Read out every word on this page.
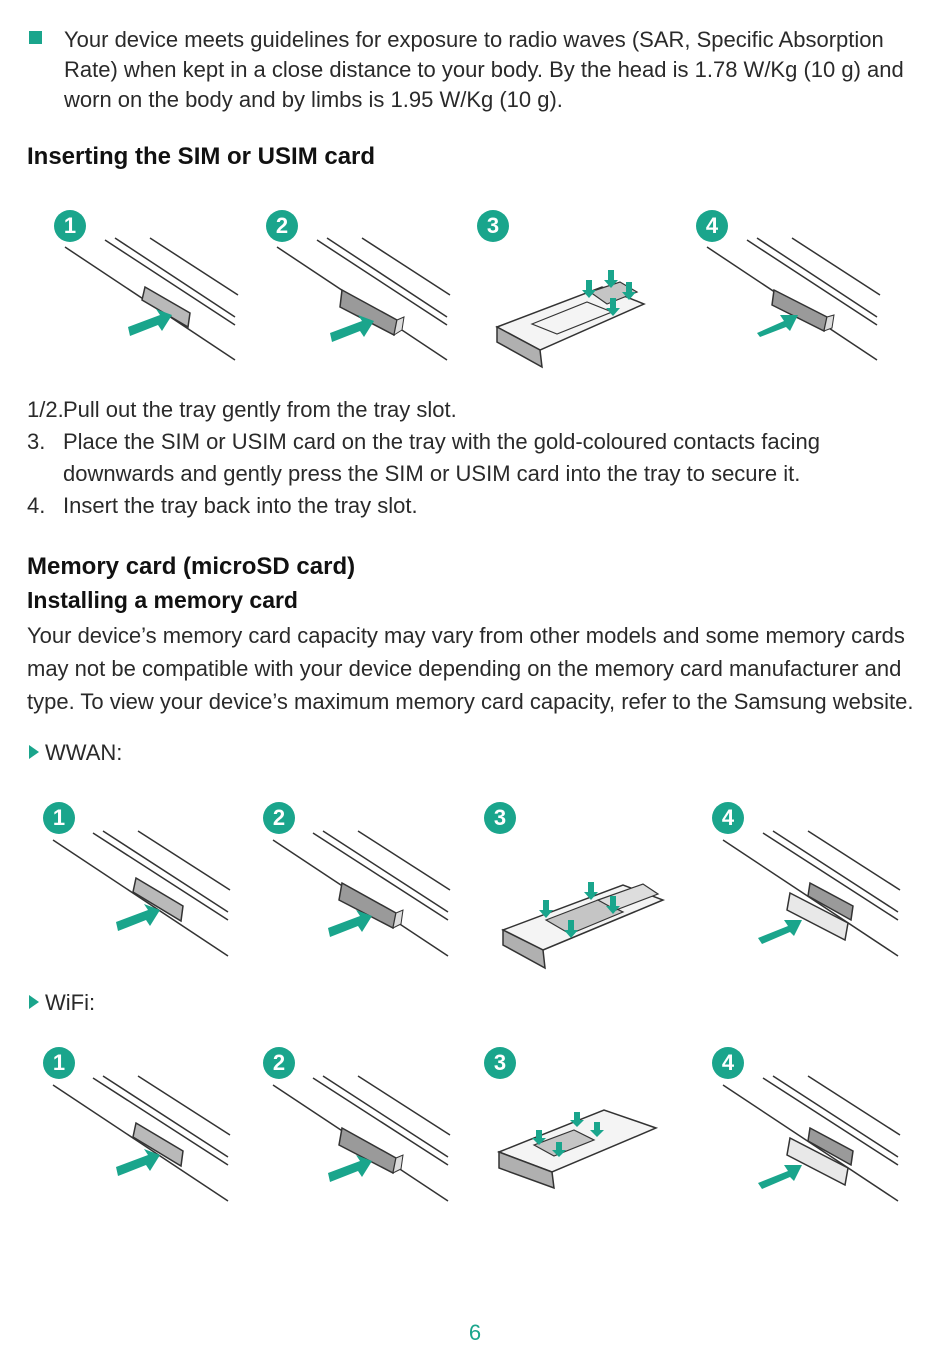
Your device meets guidelines for exposure to radio waves (SAR, Specific Absorption
Rate) when kept in a close distance to your body. By the head is 1.78 W/Kg (10 g) and
worn on the body and by limbs is 1.95 W/Kg (10 g).
Inserting the SIM or USIM card
1	2	3	4
1/2. Pull out the tray gently from the tray slot.
3. Place the SIM or USIM card on the tray with the gold-coloured contacts facing
downwards and gently press the SIM or USIM card into the tray to secure it.
4. Insert the tray back into the tray slot.
Memory card (microSD card)
Installing a memory card
Your device’s memory card capacity may vary from other models and some memory cards
may not be compatible with your device depending on the memory card manufacturer and
type. To view your device’s maximum memory card capacity, refer to the Samsung website.
WWAN:
1	2	3	4
WiFi:
1	2	3	4
6
